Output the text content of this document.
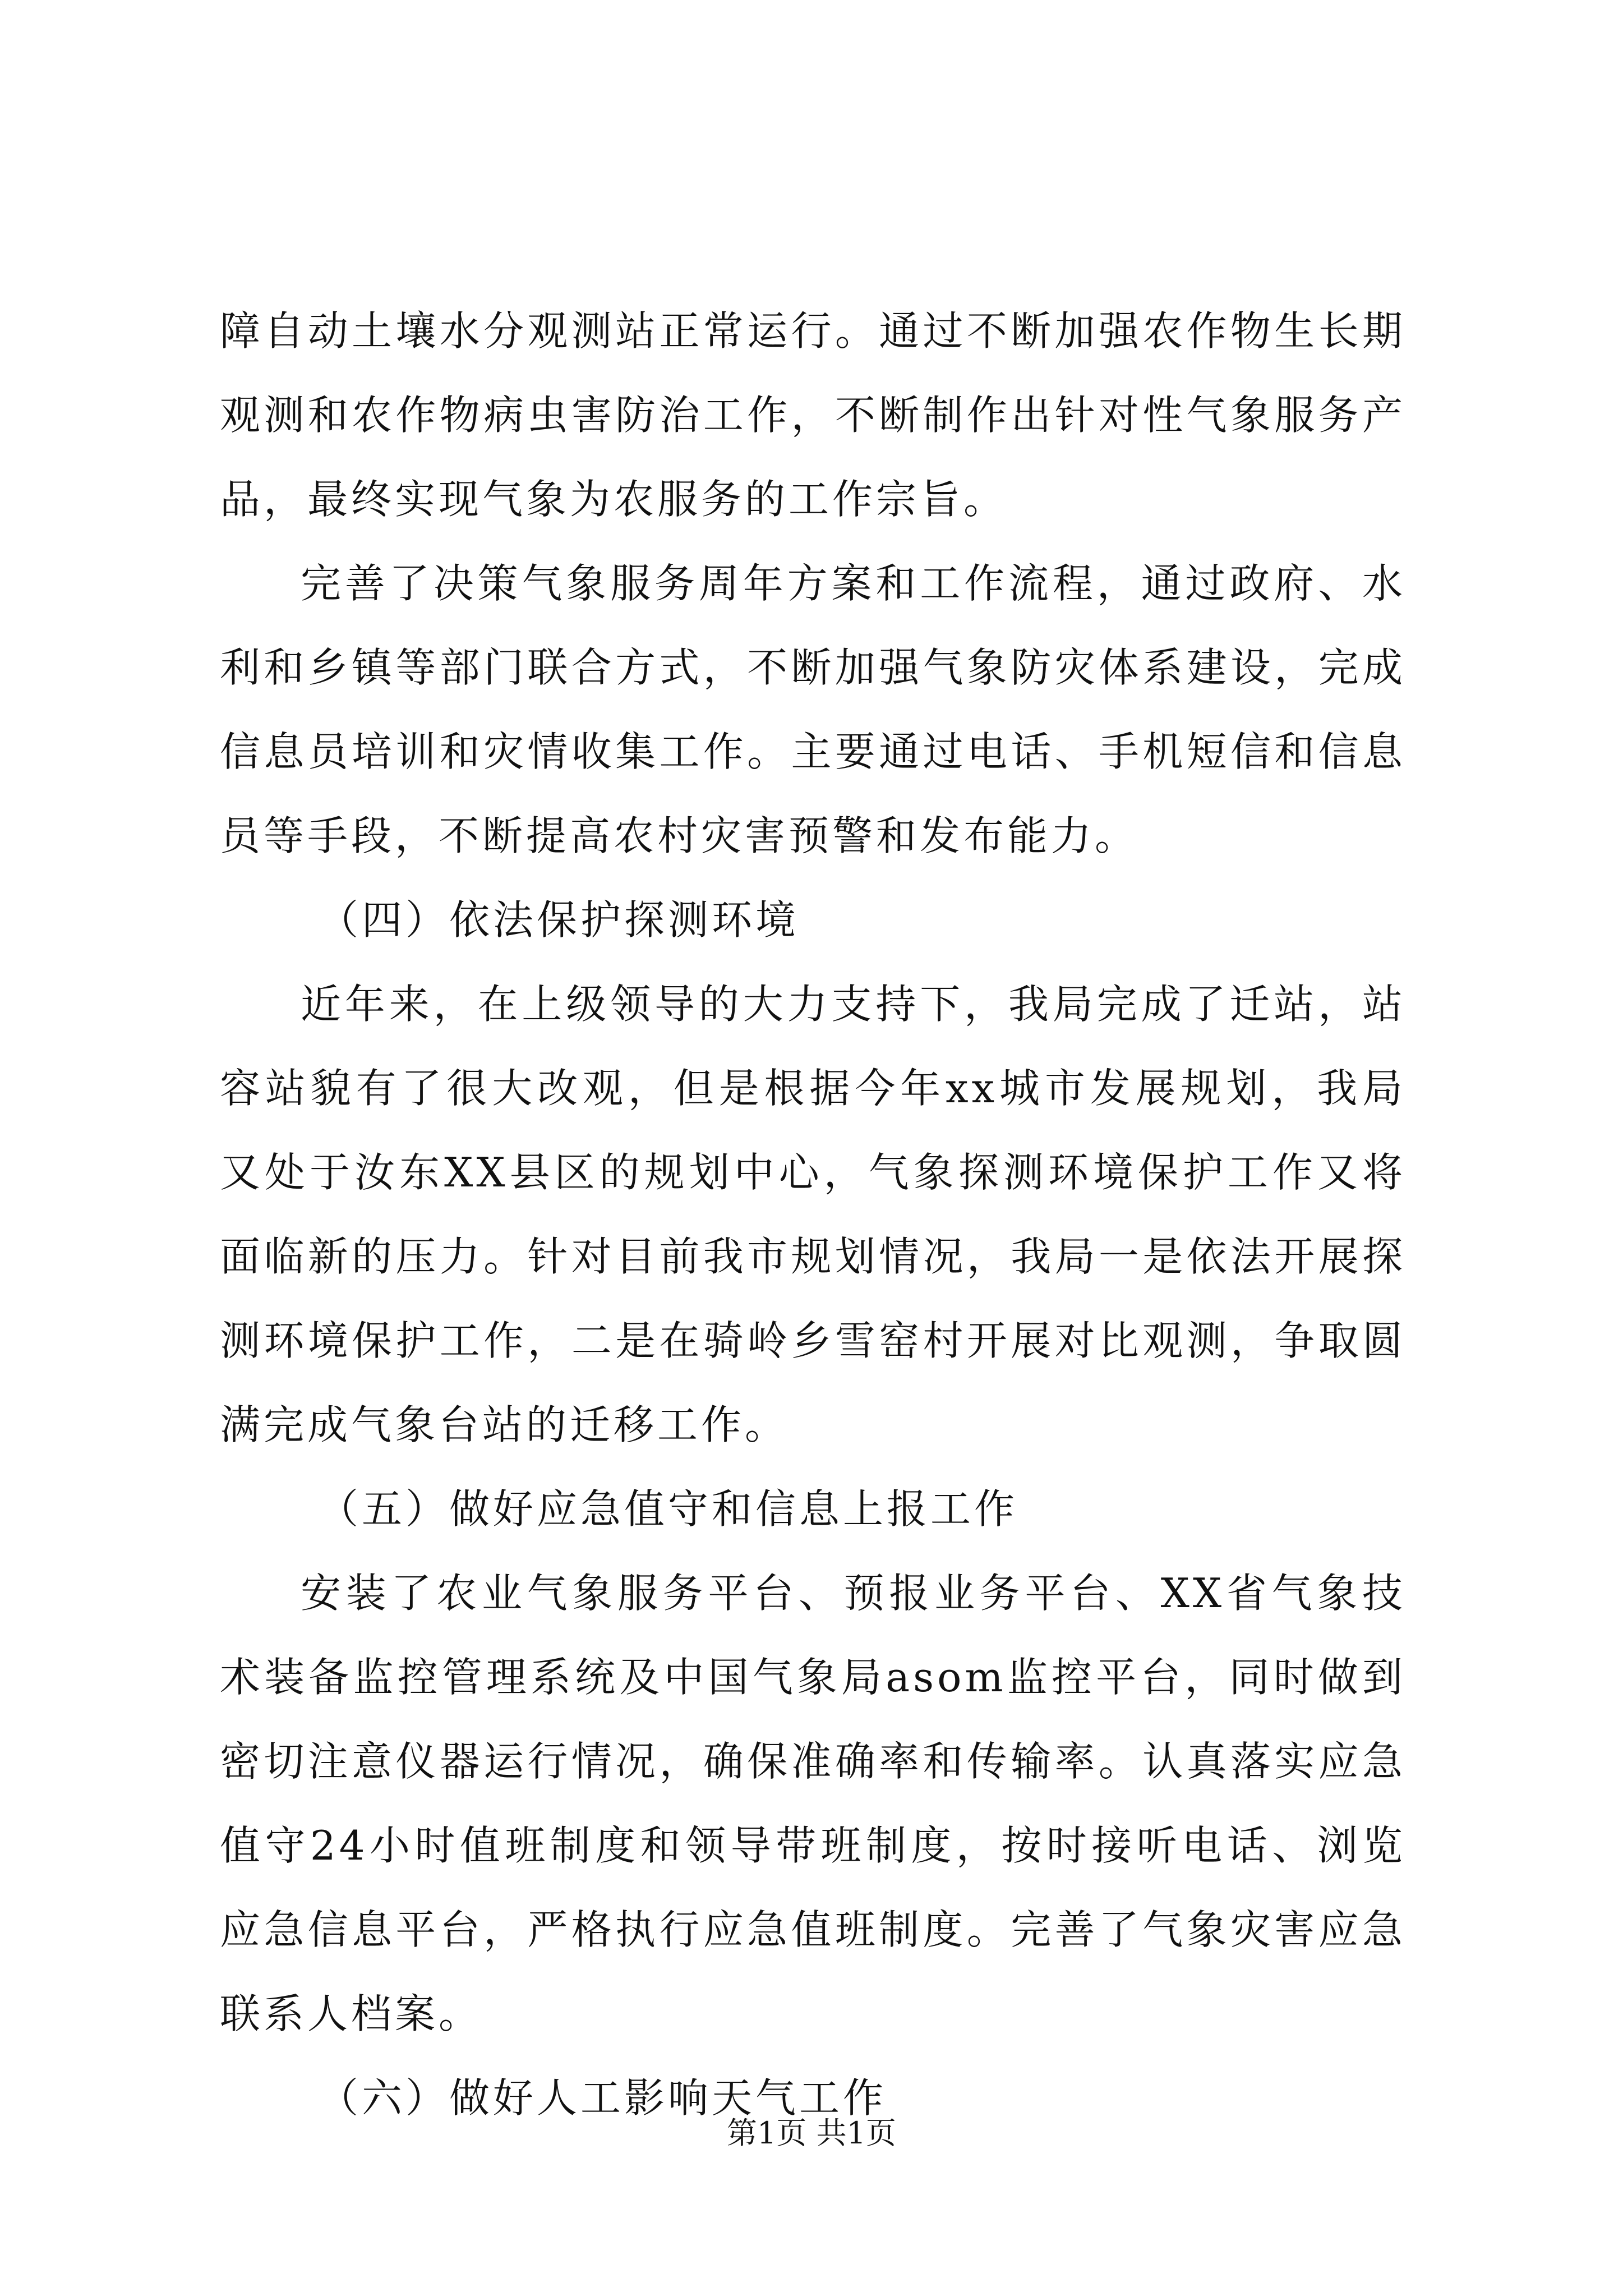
障自动土壤水分观测站正常运行。通过不断加强农作物生长期观测和农作物病虫害防治工作，不断制作出针对性气象服务产品，最终实现气象为农服务的工作宗旨。

完善了决策气象服务周年方案和工作流程，通过政府、水利和乡镇等部门联合方式，不断加强气象防灾体系建设，完成信息员培训和灾情收集工作。主要通过电话、手机短信和信息员等手段，不断提高农村灾害预警和发布能力。

（四）依法保护探测环境

近年来，在上级领导的大力支持下，我局完成了迁站，站容站貌有了很大改观，但是根据今年xx城市发展规划，我局又处于汝东XX县区的规划中心，气象探测环境保护工作又将面临新的压力。针对目前我市规划情况，我局一是依法开展探测环境保护工作，二是在骑岭乡雪窑村开展对比观测，争取圆满完成气象台站的迁移工作。

（五）做好应急值守和信息上报工作

安装了农业气象服务平台、预报业务平台、XX省气象技术装备监控管理系统及中国气象局asom监控平台，同时做到密切注意仪器运行情况，确保准确率和传输率。认真落实应急值守24小时值班制度和领导带班制度，按时接听电话、浏览应急信息平台，严格执行应急值班制度。完善了气象灾害应急联系人档案。

（六）做好人工影响天气工作

第1页 共1页
